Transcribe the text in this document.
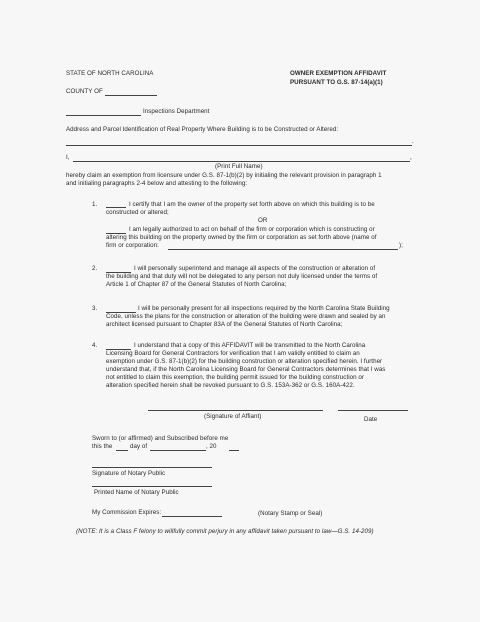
STATE OF NORTH CAROLINA	OWNER EXEMPTION AFFIDAVIT
PURSUANT TO G.S. 87-14(a)(1)
COUNTY OF
Inspections Department
Address and Parcel Identification of Real Property Where Building is to be Constructed or Altered:
.
I,	,
(Print Full Name)
hereby claim an exemption from licensure under G.S. 87-1(b)(2) by initialing the relevant provision in paragraph 1
and initialing paragraphs 2-4 below and attesting to the following:
1.	I certify that I am the owner of the property set forth above on which this building is to be
constructed or altered;
OR
I am legally authorized to act on behalf of the firm or corporation which is constructing or
altering this building on the property owned by the firm or corporation as set forth above (name of
firm or corporation:	);
2.	I will personally superintend and manage all aspects of the construction or alteration of
the building and that duty will not be delegated to any person not duly licensed under the terms of
Article 1 of Chapter 87 of the General Statutes of North Carolina;
3.	I will be personally present for all inspections required by the North Carolina State Building
Code, unless the plans for the construction or alteration of the building were drawn and sealed by an
architect licensed pursuant to Chapter 83A of the General Statutes of North Carolina;
4.	I understand that a copy of this AFFIDAVIT will be transmitted to the North Carolina
Licensing Board for General Contractors for verification that I am validly entitled to claim an
exemption under G.S. 87-1(b)(2) for the building construction or alteration specified herein. I further
understand that, if the North Carolina Licensing Board for General Contractors determines that I was
not entitled to claim this exemption, the building permit issued for the building construction or
alteration specified herein shall be revoked pursuant to G.S. 153A-362 or G.S. 160A-422.
(Signature of Affiant)	Date
Sworn to (or affirmed) and Subscribed before me
this the	day of	, 20
Signature of Notary Public
Printed Name of Notary Public
My Commission Expires:	(Notary Stamp or Seal)
(NOTE: It is a Class F felony to willfully commit perjury in any affidavit taken pursuant to law—G.S. 14-209)
